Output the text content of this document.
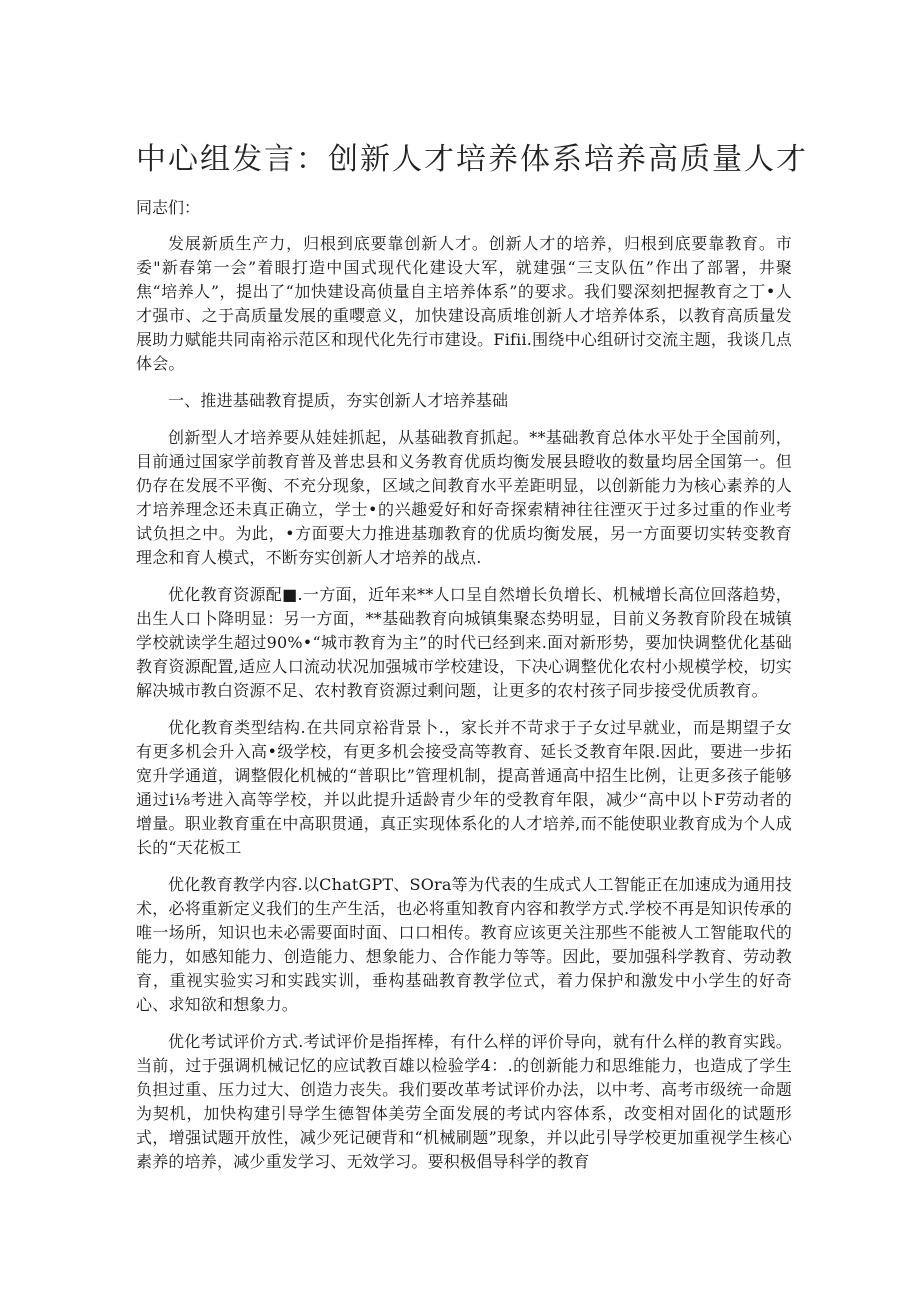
中心组发言：创新人才培养体系培养高质量人才

同志们：

发展新质生产力，归根到底要靠创新人才。创新人才的培养，归根到底要靠教育。市委"新春第一会”着眼打造中国式现代化建设大军，就建强“三支队伍”作出了部署，井聚焦“培养人”，提出了“加快建设高侦量自主培养体系”的要求。我们婴深刻把握教育之丁•人才强市、之于高质量发展的重嘤意义，加快建设高质堆创新人才培养体系，以教育高质量发展助力赋能共同南裕示范区和现代化先行市建设。Fifii.围绕中心组研讨交流主题，我谈几点体会。

一、推进基础教育提质，夯实创新人才培养基础

创新型人才培养要从娃娃抓起，从基础教育抓起。**基础教育总体水平处于全国前列，目前通过国家学前教育普及普忠县和义务教育优质均衡发展县瞪收的数量均居全国第一。但仍存在发展不平衡、不充分现象，区域之间教育水平差距明显，以创新能力为核心素养的人才培养理念还未真正确立，学士•的兴趣爱好和好奇探索精神往往湮灭于过多过重的作业考试负担之中。为此，•方面要大力推进基珈教育的优质均衡发展，另一方面要切实转变教育理念和育人模式，不断夯实创新人才培养的战点.

优化教育资源配■.一方面，近年来**人口呈自然增长负增长、机械增长高位回落趋势，出生人口卜降明显：另一方面，**基础教育向城镇集聚态势明显，目前义务教育阶段在城镇学校就读学生超过90%•“城市教育为主”的时代已经到来.面对新形势，要加快调整优化基础教育资源配置,适应人口流动状况加强城市学校建设，下决心调整优化农村小规模学校，切实解决城市教白资源不足、农村教育资源过剩问题，让更多的农村孩子同步接受优质教育。

优化教育类型结构.在共同京裕背景卜.，家长并不苛求于子女过早就业，而是期望子女有更多机会升入高•级学校，有更多机会接受高等教育、延长爻教育年限.因此，要进一步拓宽升学通道，调整假化机械的“普职比”管理机制，提高普通高中招生比例，让更多孩子能够通过i⅛考进入高等学校，并以此提升适龄青少年的受教育年限，减少“高中以卜F劳动者的增量。职业教育重在中高职贯通，真正实现体系化的人才培养,而不能使职业教育成为个人成长的“天花板工

优化教育教学内容.以ChatGPT、SOra等为代表的生成式人工智能正在加速成为通用技术，必将重新定义我们的生产生活，也必将重知教育内容和教学方式.学校不再是知识传承的唯一场所，知识也未必需要面时面、口口相传。教育应该更关注那些不能被人工智能取代的能力，如感知能力、创造能力、想象能力、合作能力等等。因此，要加强科学教育、劳动教育，重视实验实习和实践实训，垂构基础教育教学位式，着力保护和激发中小学生的好奇心、求知欲和想象力。

优化考试评价方式.考试评价是指挥棒，有什么样的评价导向，就有什么样的教育实践。当前，过于强调机械记忆的应试教百雄以检验学4：.的创新能力和思维能力，也造成了学生负担过重、压力过大、创造力丧失。我们要改革考试评价办法，以中考、高考市级统一命题为契机，加快构建引导学生德智体美劳全面发展的考试内容体系，改变相对固化的试题形式，增强试题开放性，减少死记硬背和“机械刷题”现象，并以此引导学校更加重视学生核心素养的培养，减少重发学习、无效学习。要积极倡导科学的教育
